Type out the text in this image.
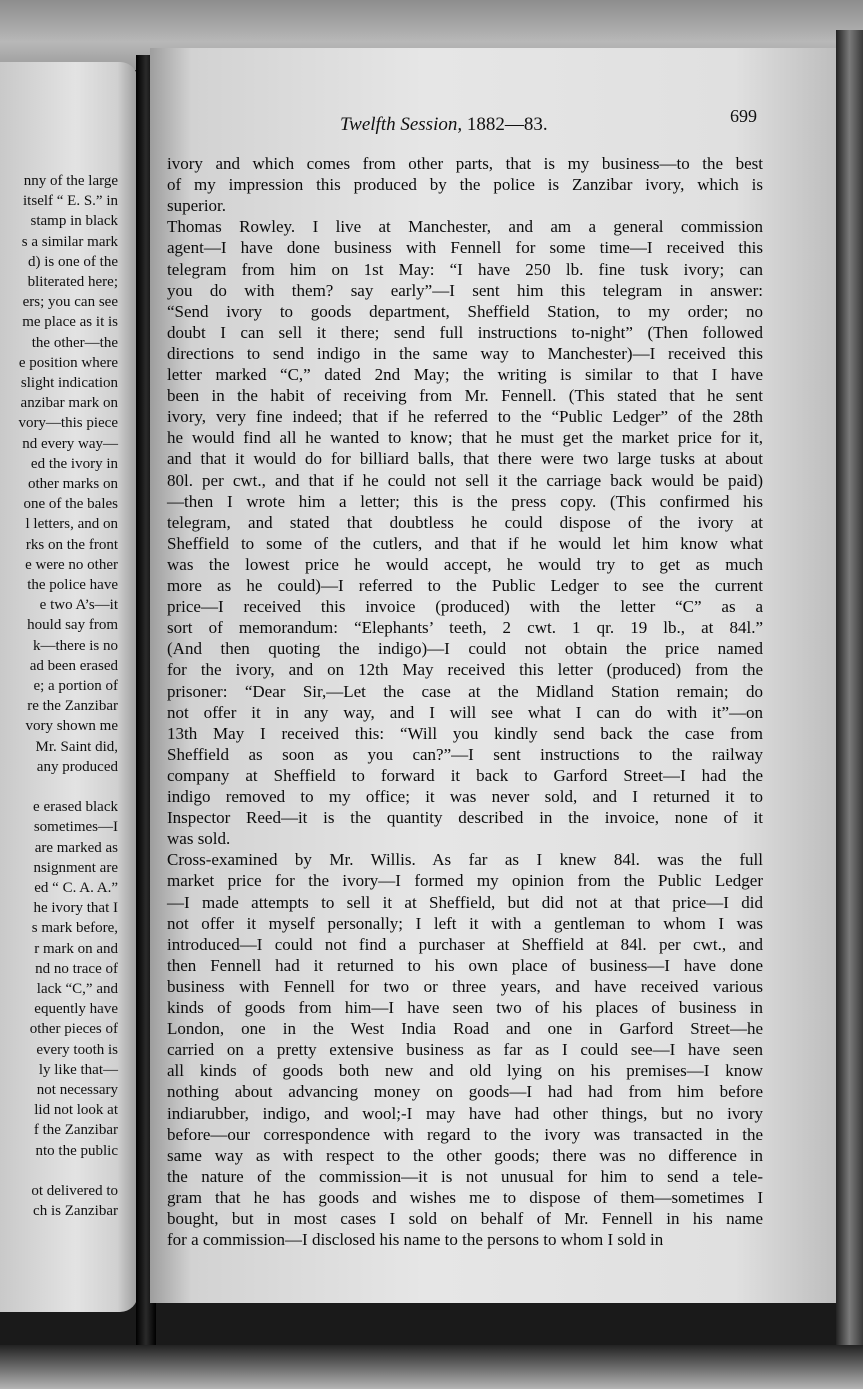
nny of the large
itself “ E. S.” in
stamp in black
s a similar mark
d) is one of the
bliterated here;
ers; you can see
me place as it is
the other—the
e position where
slight indication
anzibar mark on
vory—this piece
nd every way—
ed the ivory in
other marks on
one of the bales
l letters, and on
rks on the front
e were no other
the police have
e two A’s—it
hould say from
k—there is no
ad been erased
e; a portion of
re the Zanzibar
vory shown me
Mr. Saint did,
any produced
e erased black
sometimes—I
are marked as
nsignment are
ed “ C. A. A.”
he ivory that I
s mark before,
r mark on and
nd no trace of
lack “C,” and
equently have
other pieces of
every tooth is
ly like that—
not necessary
lid not look at
f the Zanzibar
nto the public
ot delivered to
ch is Zanzibar
Twelfth Session, 1882—83.	699
ivory and which comes from other parts, that is my business—to the best
of my impression this produced by the police is Zanzibar ivory, which is
superior.
Thomas Rowley. I live at Manchester, and am a general commission
agent—I have done business with Fennell for some time—I received this
telegram from him on 1st May: “I have 250 lb. fine tusk ivory; can
you do with them? say early”—I sent him this telegram in answer:
“Send ivory to goods department, Sheffield Station, to my order; no
doubt I can sell it there; send full instructions to-night” (Then followed
directions to send indigo in the same way to Manchester)—I received this
letter marked “C,” dated 2nd May; the writing is similar to that I have
been in the habit of receiving from Mr. Fennell. (This stated that he sent
ivory, very fine indeed; that if he referred to the “Public Ledger” of the 28th
he would find all he wanted to know; that he must get the market price for it,
and that it would do for billiard balls, that there were two large tusks at about
80l. per cwt., and that if he could not sell it the carriage back would be paid)
—then I wrote him a letter; this is the press copy. (This confirmed his
telegram, and stated that doubtless he could dispose of the ivory at
Sheffield to some of the cutlers, and that if he would let him know what
was the lowest price he would accept, he would try to get as much
more as he could)—I referred to the Public Ledger to see the current
price—I received this invoice (produced) with the letter “C” as a
sort of memorandum: “Elephants’ teeth, 2 cwt. 1 qr. 19 lb., at 84l.”
(And then quoting the indigo)—I could not obtain the price named
for the ivory, and on 12th May received this letter (produced) from the
prisoner: “Dear Sir,—Let the case at the Midland Station remain; do
not offer it in any way, and I will see what I can do with it”—on
13th May I received this: “Will you kindly send back the case from
Sheffield as soon as you can?”—I sent instructions to the railway
company at Sheffield to forward it back to Garford Street—I had the
indigo removed to my office; it was never sold, and I returned it to
Inspector Reed—it is the quantity described in the invoice, none of it
was sold.
Cross-examined by Mr. Willis. As far as I knew 84l. was the full
market price for the ivory—I formed my opinion from the Public Ledger
—I made attempts to sell it at Sheffield, but did not at that price—I did
not offer it myself personally; I left it with a gentleman to whom I was
introduced—I could not find a purchaser at Sheffield at 84l. per cwt., and
then Fennell had it returned to his own place of business—I have done
business with Fennell for two or three years, and have received various
kinds of goods from him—I have seen two of his places of business in
London, one in the West India Road and one in Garford Street—he
carried on a pretty extensive business as far as I could see—I have seen
all kinds of goods both new and old lying on his premises—I know
nothing about advancing money on goods—I had had from him before
indiarubber, indigo, and wool;-I may have had other things, but no ivory
before—our correspondence with regard to the ivory was transacted in the
same way as with respect to the other goods; there was no difference in
the nature of the commission—it is not unusual for him to send a tele-
gram that he has goods and wishes me to dispose of them—sometimes I
bought, but in most cases I sold on behalf of Mr. Fennell in his name
for a commission—I disclosed his name to the persons to whom I sold in
